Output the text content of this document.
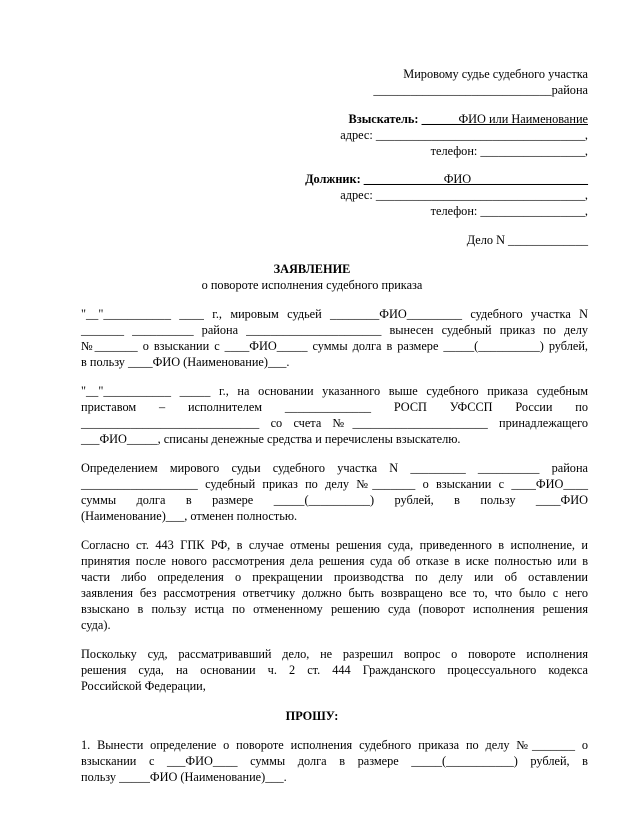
Мировому судье судебного участка
_____________________________района
Взыскатель: ______ФИО или Наименование
адрес: __________________________________,
телефон: _________________,
Должник: _____________ФИО___________________
адрес: __________________________________,
телефон: _________________,
Дело N _____________
ЗАЯВЛЕНИЕ
о повороте исполнения судебного приказа
"__"___________ ____ г., мировым судьей ________ФИО_________ судебного участка N
_______ __________ района ______________________ вынесен судебный приказ по делу
№_______ о взыскании с ____ФИО_____ суммы долга в размере _____(__________) рублей,
в пользу ____ФИО (Наименование)___.
"__"___________ _____ г., на основании указанного выше судебного приказа судебным
приставом – исполнителем ______________ РОСП УФССП России по
_____________________________ со счета №______________________ принадлежащего
___ФИО_____, списаны денежные средства и перечислены взыскателю.
Определением мирового судьи судебного участка N _________ __________ района
___________________ судебный приказ по делу №_______ о взыскании с ____ФИО____
суммы долга в размере _____(__________) рублей, в пользу ____ФИО
(Наименование)___, отменен полностью.
Согласно ст. 443 ГПК РФ, в случае отмены решения суда, приведенного в исполнение, и
принятия после нового рассмотрения дела решения суда об отказе в иске полностью или в
части либо определения о прекращении производства по делу или об оставлении
заявления без рассмотрения ответчику должно быть возвращено все то, что было с него
взыскано в пользу истца по отмененному решению суда (поворот исполнения решения
суда).
Поскольку суд, рассматривавший дело, не разрешил вопрос о повороте исполнения
решения суда, на основании ч. 2 ст. 444 Гражданского процессуального кодекса
Российской Федерации,
ПРОШУ:
1. Вынести определение о повороте исполнения судебного приказа по делу №_______ о
взыскании с ___ФИО____ суммы долга в размере _____(___________) рублей, в
пользу _____ФИО (Наименование)___.
